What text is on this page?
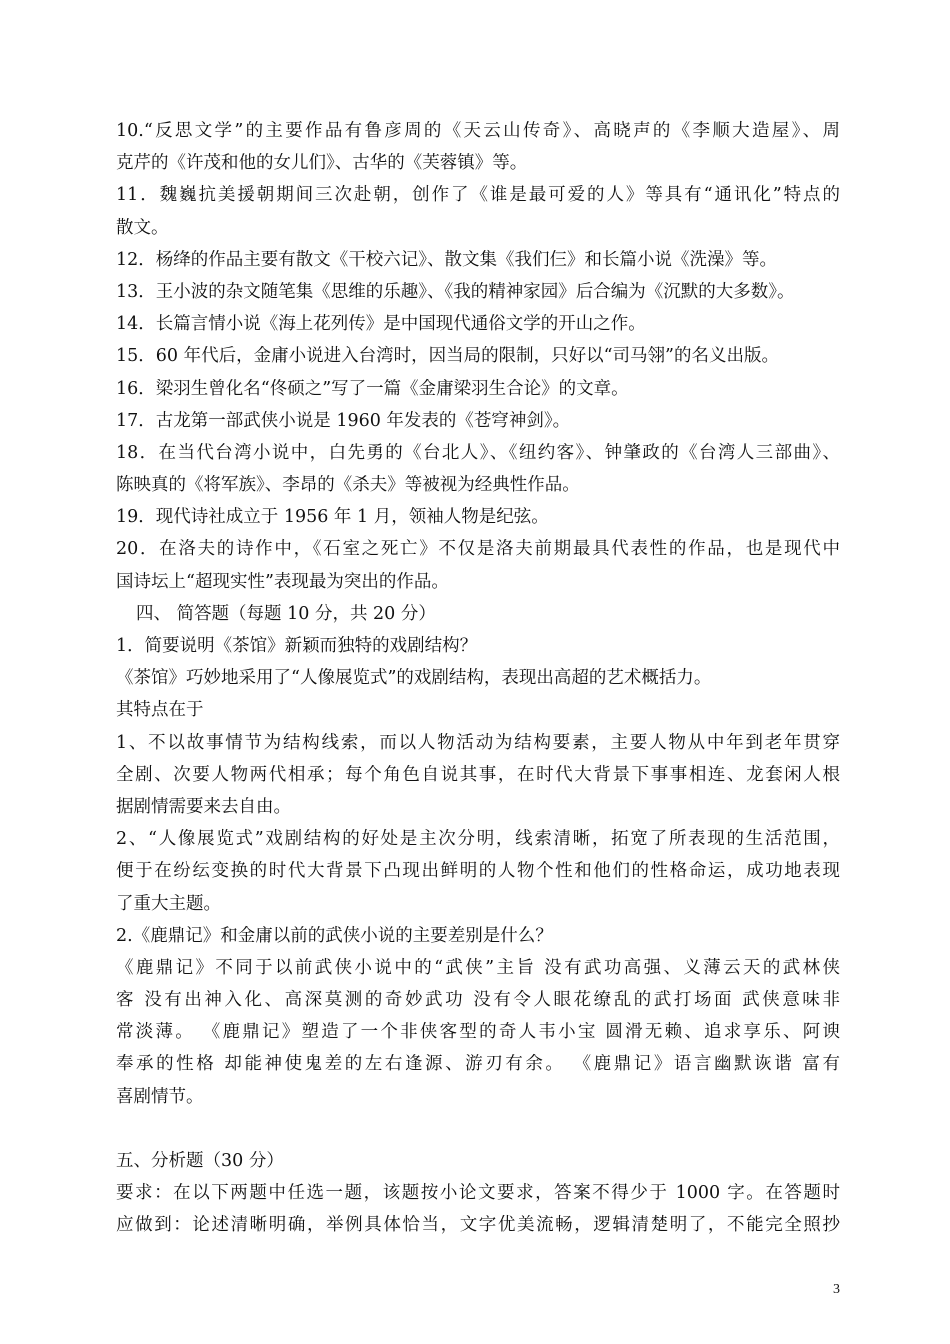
10.“反思文学”的主要作品有鲁彦周的《天云山传奇》、高晓声的《李顺大造屋》、周
克芹的《许茂和他的女儿们》、古华的《芙蓉镇》等。
11．魏巍抗美援朝期间三次赴朝，创作了《谁是最可爱的人》等具有“通讯化”特点的
散文。
12．杨绛的作品主要有散文《干校六记》、散文集《我们仨》和长篇小说《洗澡》等。
13．王小波的杂文随笔集《思维的乐趣》、《我的精神家园》后合编为《沉默的大多数》。
14．长篇言情小说《海上花列传》是中国现代通俗文学的开山之作。
15．60 年代后，金庸小说进入台湾时，因当局的限制，只好以“司马翎”的名义出版。
16．梁羽生曾化名“佟硕之”写了一篇《金庸梁羽生合论》的文章。
17．古龙第一部武侠小说是 1960 年发表的《苍穹神剑》。
18．在当代台湾小说中，白先勇的《台北人》、《纽约客》、钟肇政的《台湾人三部曲》、
陈映真的《将军族》、李昂的《杀夫》等被视为经典性作品。
19．现代诗社成立于 1956 年 1 月，领袖人物是纪弦。
20．在洛夫的诗作中，《石室之死亡》不仅是洛夫前期最具代表性的作品，也是现代中
国诗坛上“超现实性”表现最为突出的作品。
四、 简答题（每题 10 分，共 20 分）
1．简要说明《茶馆》新颖而独特的戏剧结构？
《茶馆》巧妙地采用了“人像展览式”的戏剧结构，表现出高超的艺术概括力。
其特点在于
1、不以故事情节为结构线索，而以人物活动为结构要素，主要人物从中年到老年贯穿
全剧、次要人物两代相承；每个角色自说其事，在时代大背景下事事相连、龙套闲人根
据剧情需要来去自由。
2、“人像展览式”戏剧结构的好处是主次分明，线索清晰，拓宽了所表现的生活范围，
便于在纷纭变换的时代大背景下凸现出鲜明的人物个性和他们的性格命运，成功地表现
了重大主题。
2.《鹿鼎记》和金庸以前的武侠小说的主要差别是什么？
《鹿鼎记》不同于以前武侠小说中的“武侠”主旨 没有武功高强、义薄云天的武林侠
客 没有出神入化、高深莫测的奇妙武功 没有令人眼花缭乱的武打场面 武侠意味非
常淡薄。 《鹿鼎记》塑造了一个非侠客型的奇人韦小宝 圆滑无赖、追求享乐、阿谀
奉承的性格 却能神使鬼差的左右逢源、游刃有余。 《鹿鼎记》语言幽默诙谐 富有
喜剧情节。
五、分析题（30 分）
要求：在以下两题中任选一题，该题按小论文要求，答案不得少于 1000 字。在答题时
应做到：论述清晰明确，举例具体恰当，文字优美流畅，逻辑清楚明了，不能完全照抄
3
